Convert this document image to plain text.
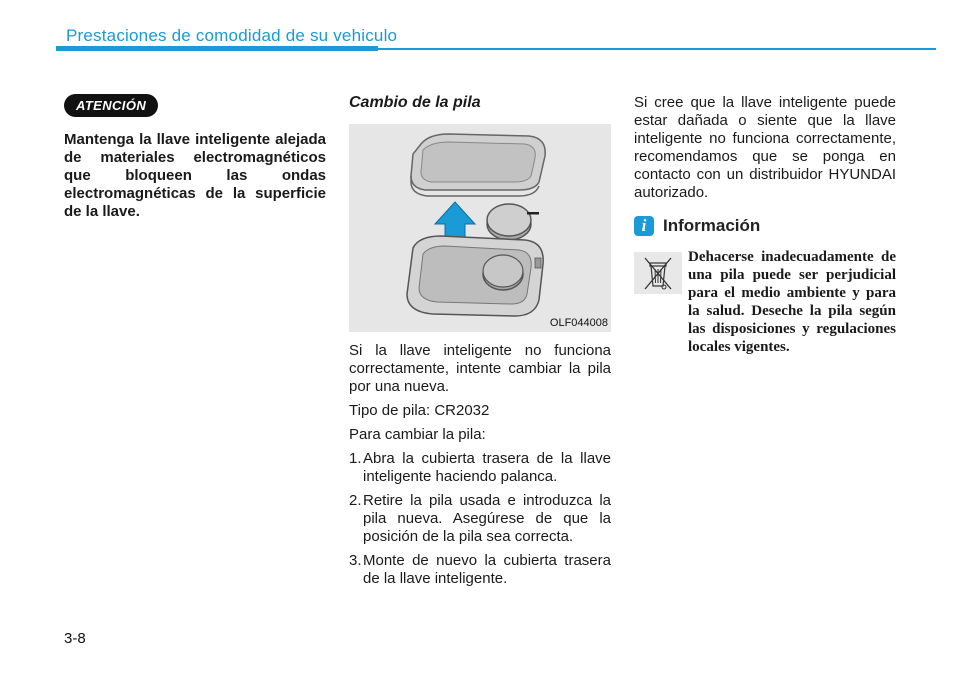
Prestaciones de comodidad de su vehiculo
ATENCIÓN
Mantenga la llave inteligente alejada de materiales electromagnéticos que bloqueen las ondas electromagnéticas de la superficie de la llave.

Cambio de la pila

OLF044008

Si la llave inteligente no funciona correctamente, intente cambiar la pila por una nueva.

Tipo de pila: CR2032

Para cambiar la pila:

1. Abra la cubierta trasera de la llave inteligente haciendo palanca.
2. Retire la pila usada e introduzca la pila nueva. Asegúrese de que la posición de la pila sea correcta.
3. Monte de nuevo la cubierta trasera de la llave inteligente.

Si cree que la llave inteligente puede estar dañada o siente que la llave inteligente no funciona correctamente, recomendamos que se ponga en contacto con un distribuidor HYUNDAI autorizado.

i Información
Dehacerse inadecuadamente de una pila puede ser perjudicial para el medio ambiente y para la salud. Deseche la pila según las disposiciones y regulaciones locales vigentes.
3-8
